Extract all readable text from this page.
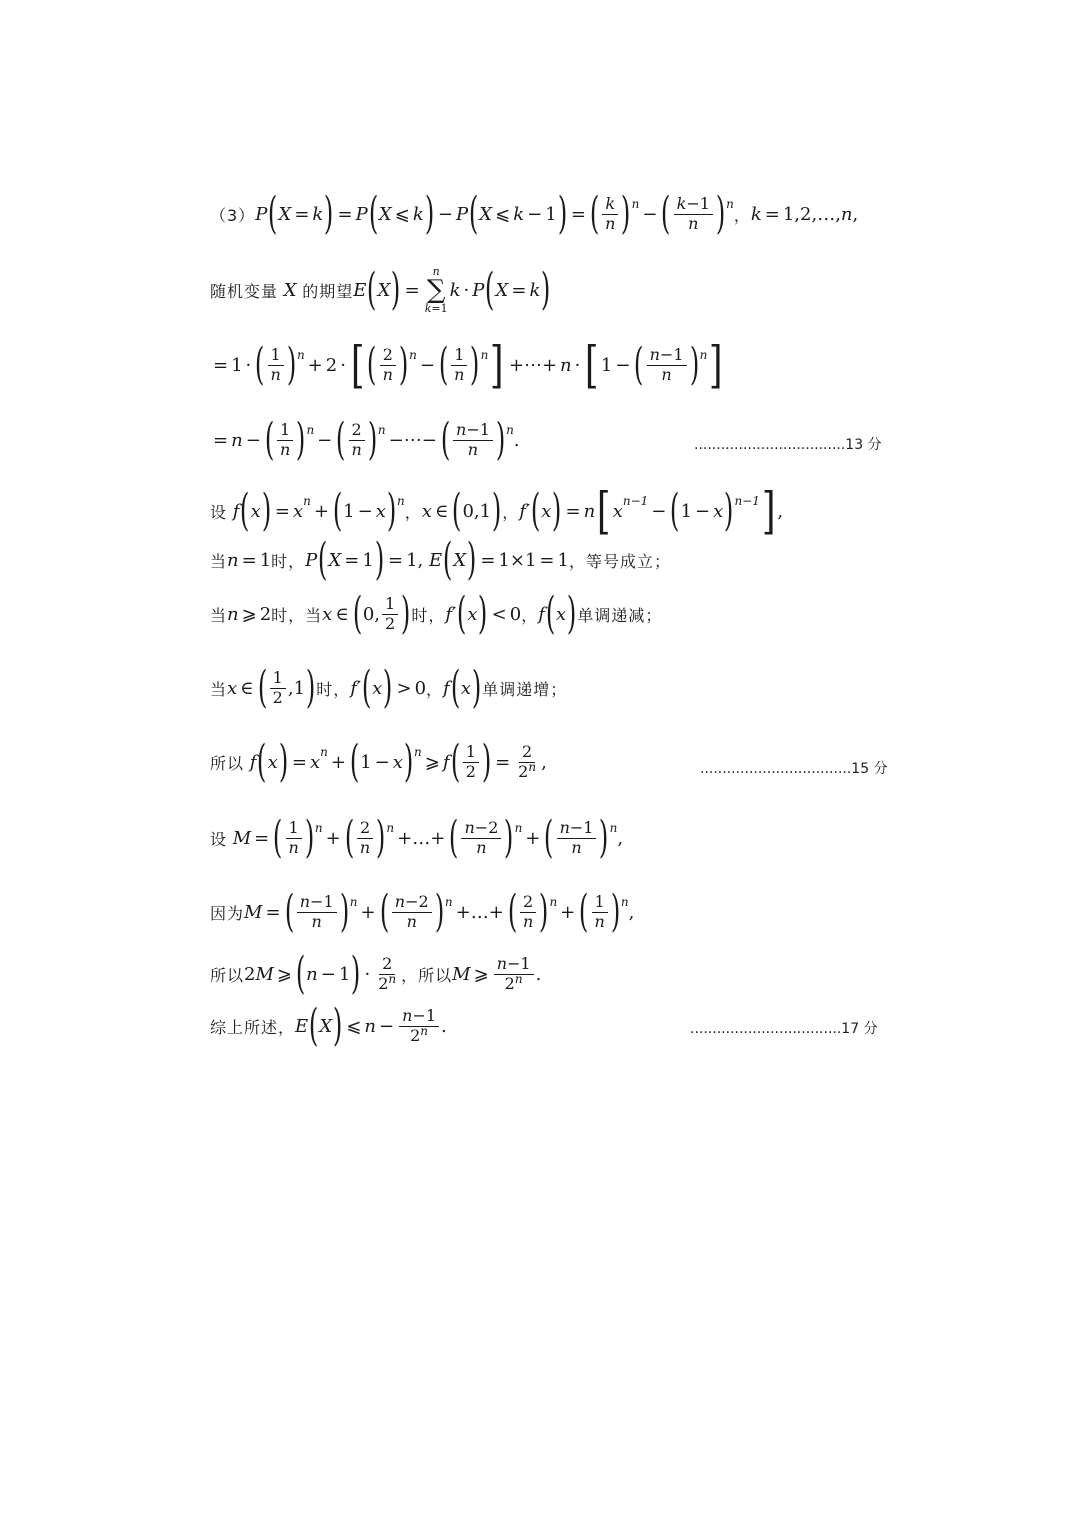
（3） P ( X = k ) = P ( X ⩽ k ) − P ( X ⩽ k − 1 ) = ( $\frac{k}{n} )^n$ − ( $\frac{k-1}{n} )^n$
， k = 1,2,…, n ,
随机变量 X 的期望 E ( X ) =
n
∑
k=1
k · P ( X = k )
= 1 · ( $\frac{1}{n} )^n + 2$ · [ ( $\frac{2}{n} )^n$ − ( $\frac{1}{n} )^n$ ] +⋯+ n · [ 1 − ( $\frac{n-1}{n} )^n$ ]
= n − ( $\frac{1}{n} )^n$ − ( $\frac{2}{n} )^n$ −⋯− ( $\frac{n-1}{n} )^n$ .	..................................13 分
设 f ( x ) = $x^n$ + ( 1 − x )$^n$
， x ∈ ( 0,1 ) ， f′ ( x ) = n [ $x^{n-1}$ − ( 1 − x )$^{n-1}$ ] ,
当 n = 1 时， P ( X = 1 ) = 1, E ( X ) = 1×1 = 1 ， 等号成立；
当 n ⩾ 2 时，当 x ∈ ( 0, $\frac{1}{2}$ ) 时， f′ ( x ) < 0 ， f ( x ) 单调递减；
当 x ∈ ( $\frac{1}{2} ,1$ ) 时， f′ ( x ) > 0 ， f ( x ) 单调递增；
所以 f ( x ) = $x^n$ + ( 1 − x )$^n$ ⩾ f ( $\frac{1}{2}$ ) = $\frac{2}{2^n}$ ,	..................................15 分
设 M = ( $\frac{1}{n} )^n$ + ( $\frac{2}{n} )^n$ +…+ ( $\frac{n-2}{n} )^n$ + ( $\frac{n-1}{n} )^n$ ,
因为 M = ( $\frac{n-1}{n} )^n$ + ( $\frac{n-2}{n} )^n$ +…+ ( $\frac{2}{n} )^n$ + ( $\frac{1}{n} )^n$ ,
所以 2 M ⩾ ( n − 1 ) · $\frac{2}{2^n}$ ，所以 M ⩾ $\frac{n-1}{2^n}$ .
综上所述， E ( X ) ⩽ $n - \frac{n-1}{2^n}$ .	..................................17 分
